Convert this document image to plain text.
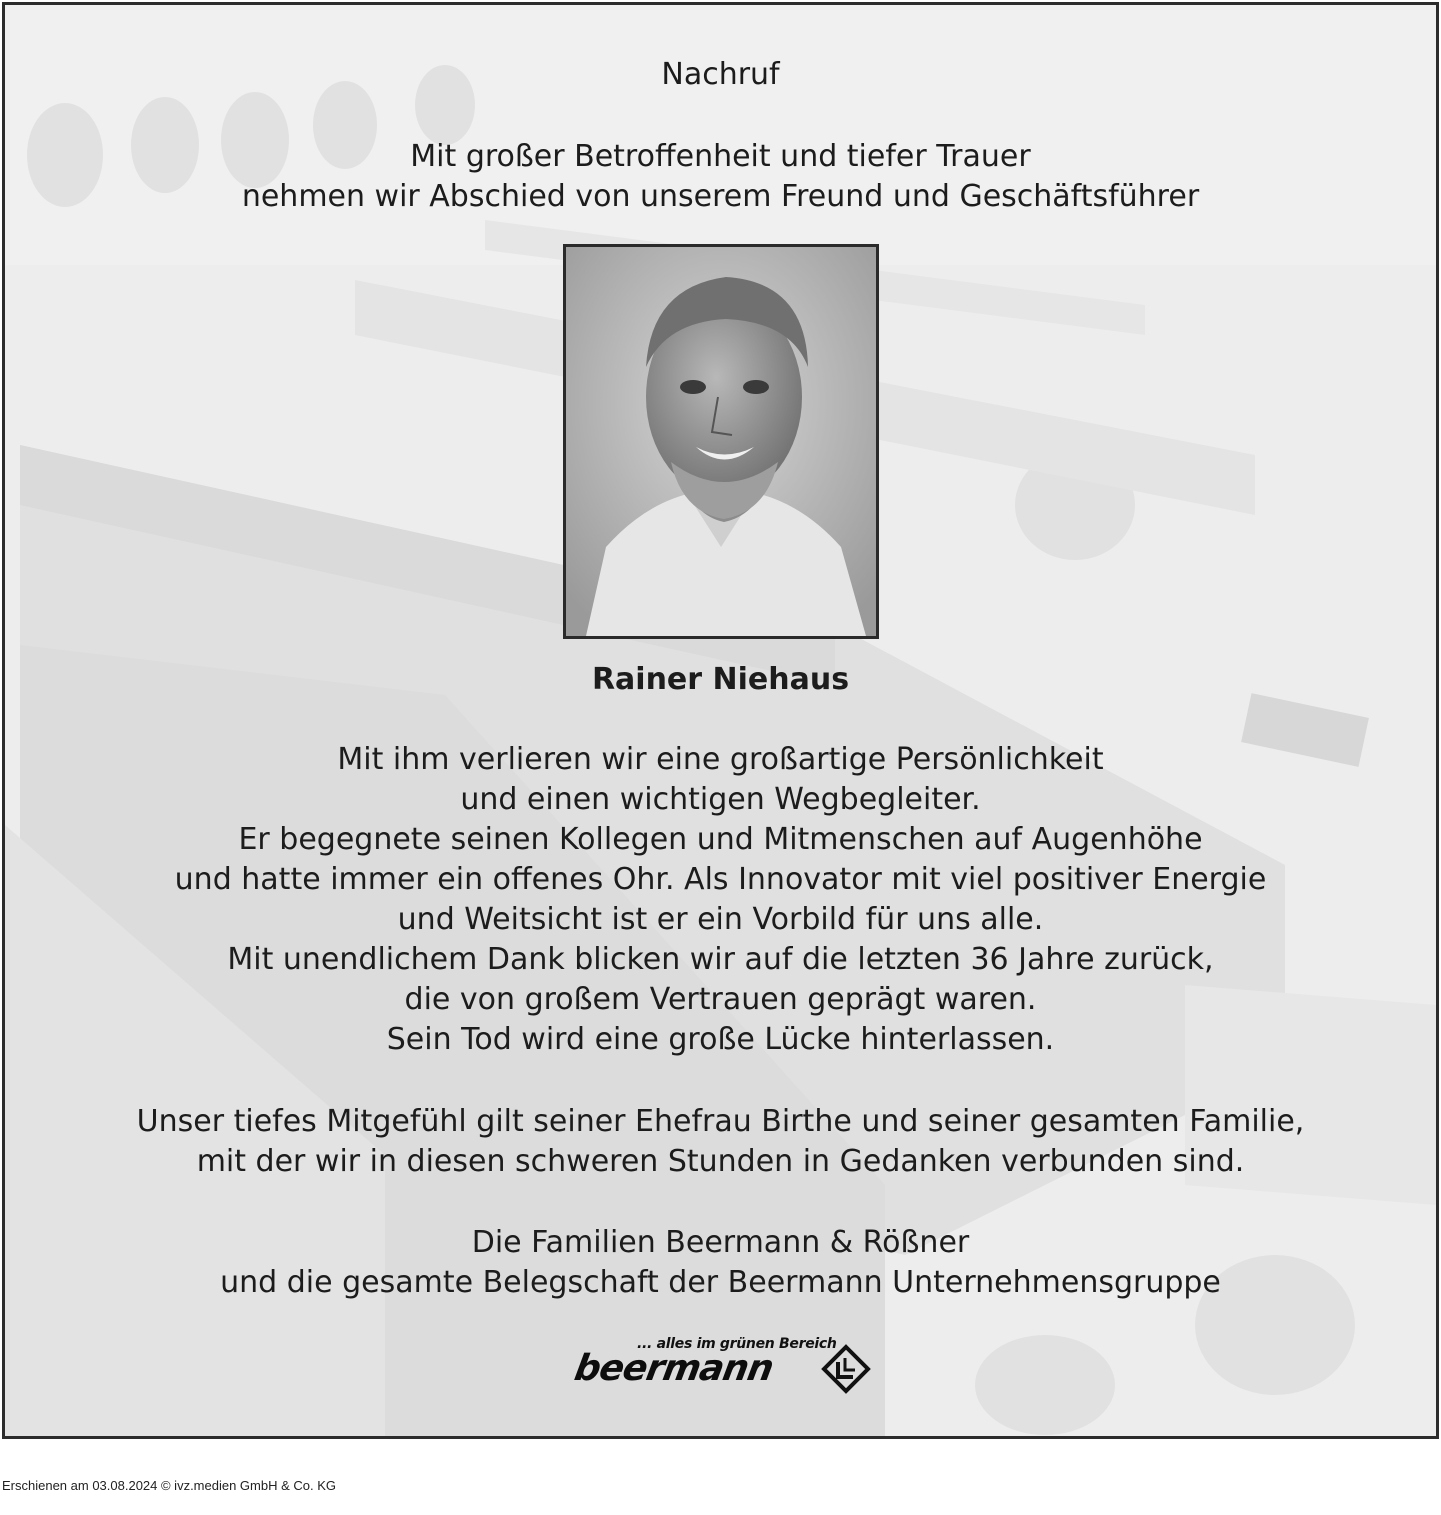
Nachruf
Mit großer Betroffenheit und tiefer Trauer
nehmen wir Abschied von unserem Freund und Geschäftsführer
Rainer Niehaus
Mit ihm verlieren wir eine großartige Persönlichkeit
und einen wichtigen Wegbegleiter.
Er begegnete seinen Kollegen und Mitmenschen auf Augenhöhe
und hatte immer ein offenes Ohr. Als Innovator mit viel positiver Energie
und Weitsicht ist er ein Vorbild für uns alle.
Mit unendlichem Dank blicken wir auf die letzten 36 Jahre zurück,
die von großem Vertrauen geprägt waren.
Sein Tod wird eine große Lücke hinterlassen.
Unser tiefes Mitgefühl gilt seiner Ehefrau Birthe und seiner gesamten Familie,
mit der wir in diesen schweren Stunden in Gedanken verbunden sind.
Die Familien Beermann & Rößner
und die gesamte Belegschaft der Beermann Unternehmensgruppe
... alles im grünen Bereich
beermann
Erschienen am 03.08.2024 © ivz.medien GmbH & Co. KG
